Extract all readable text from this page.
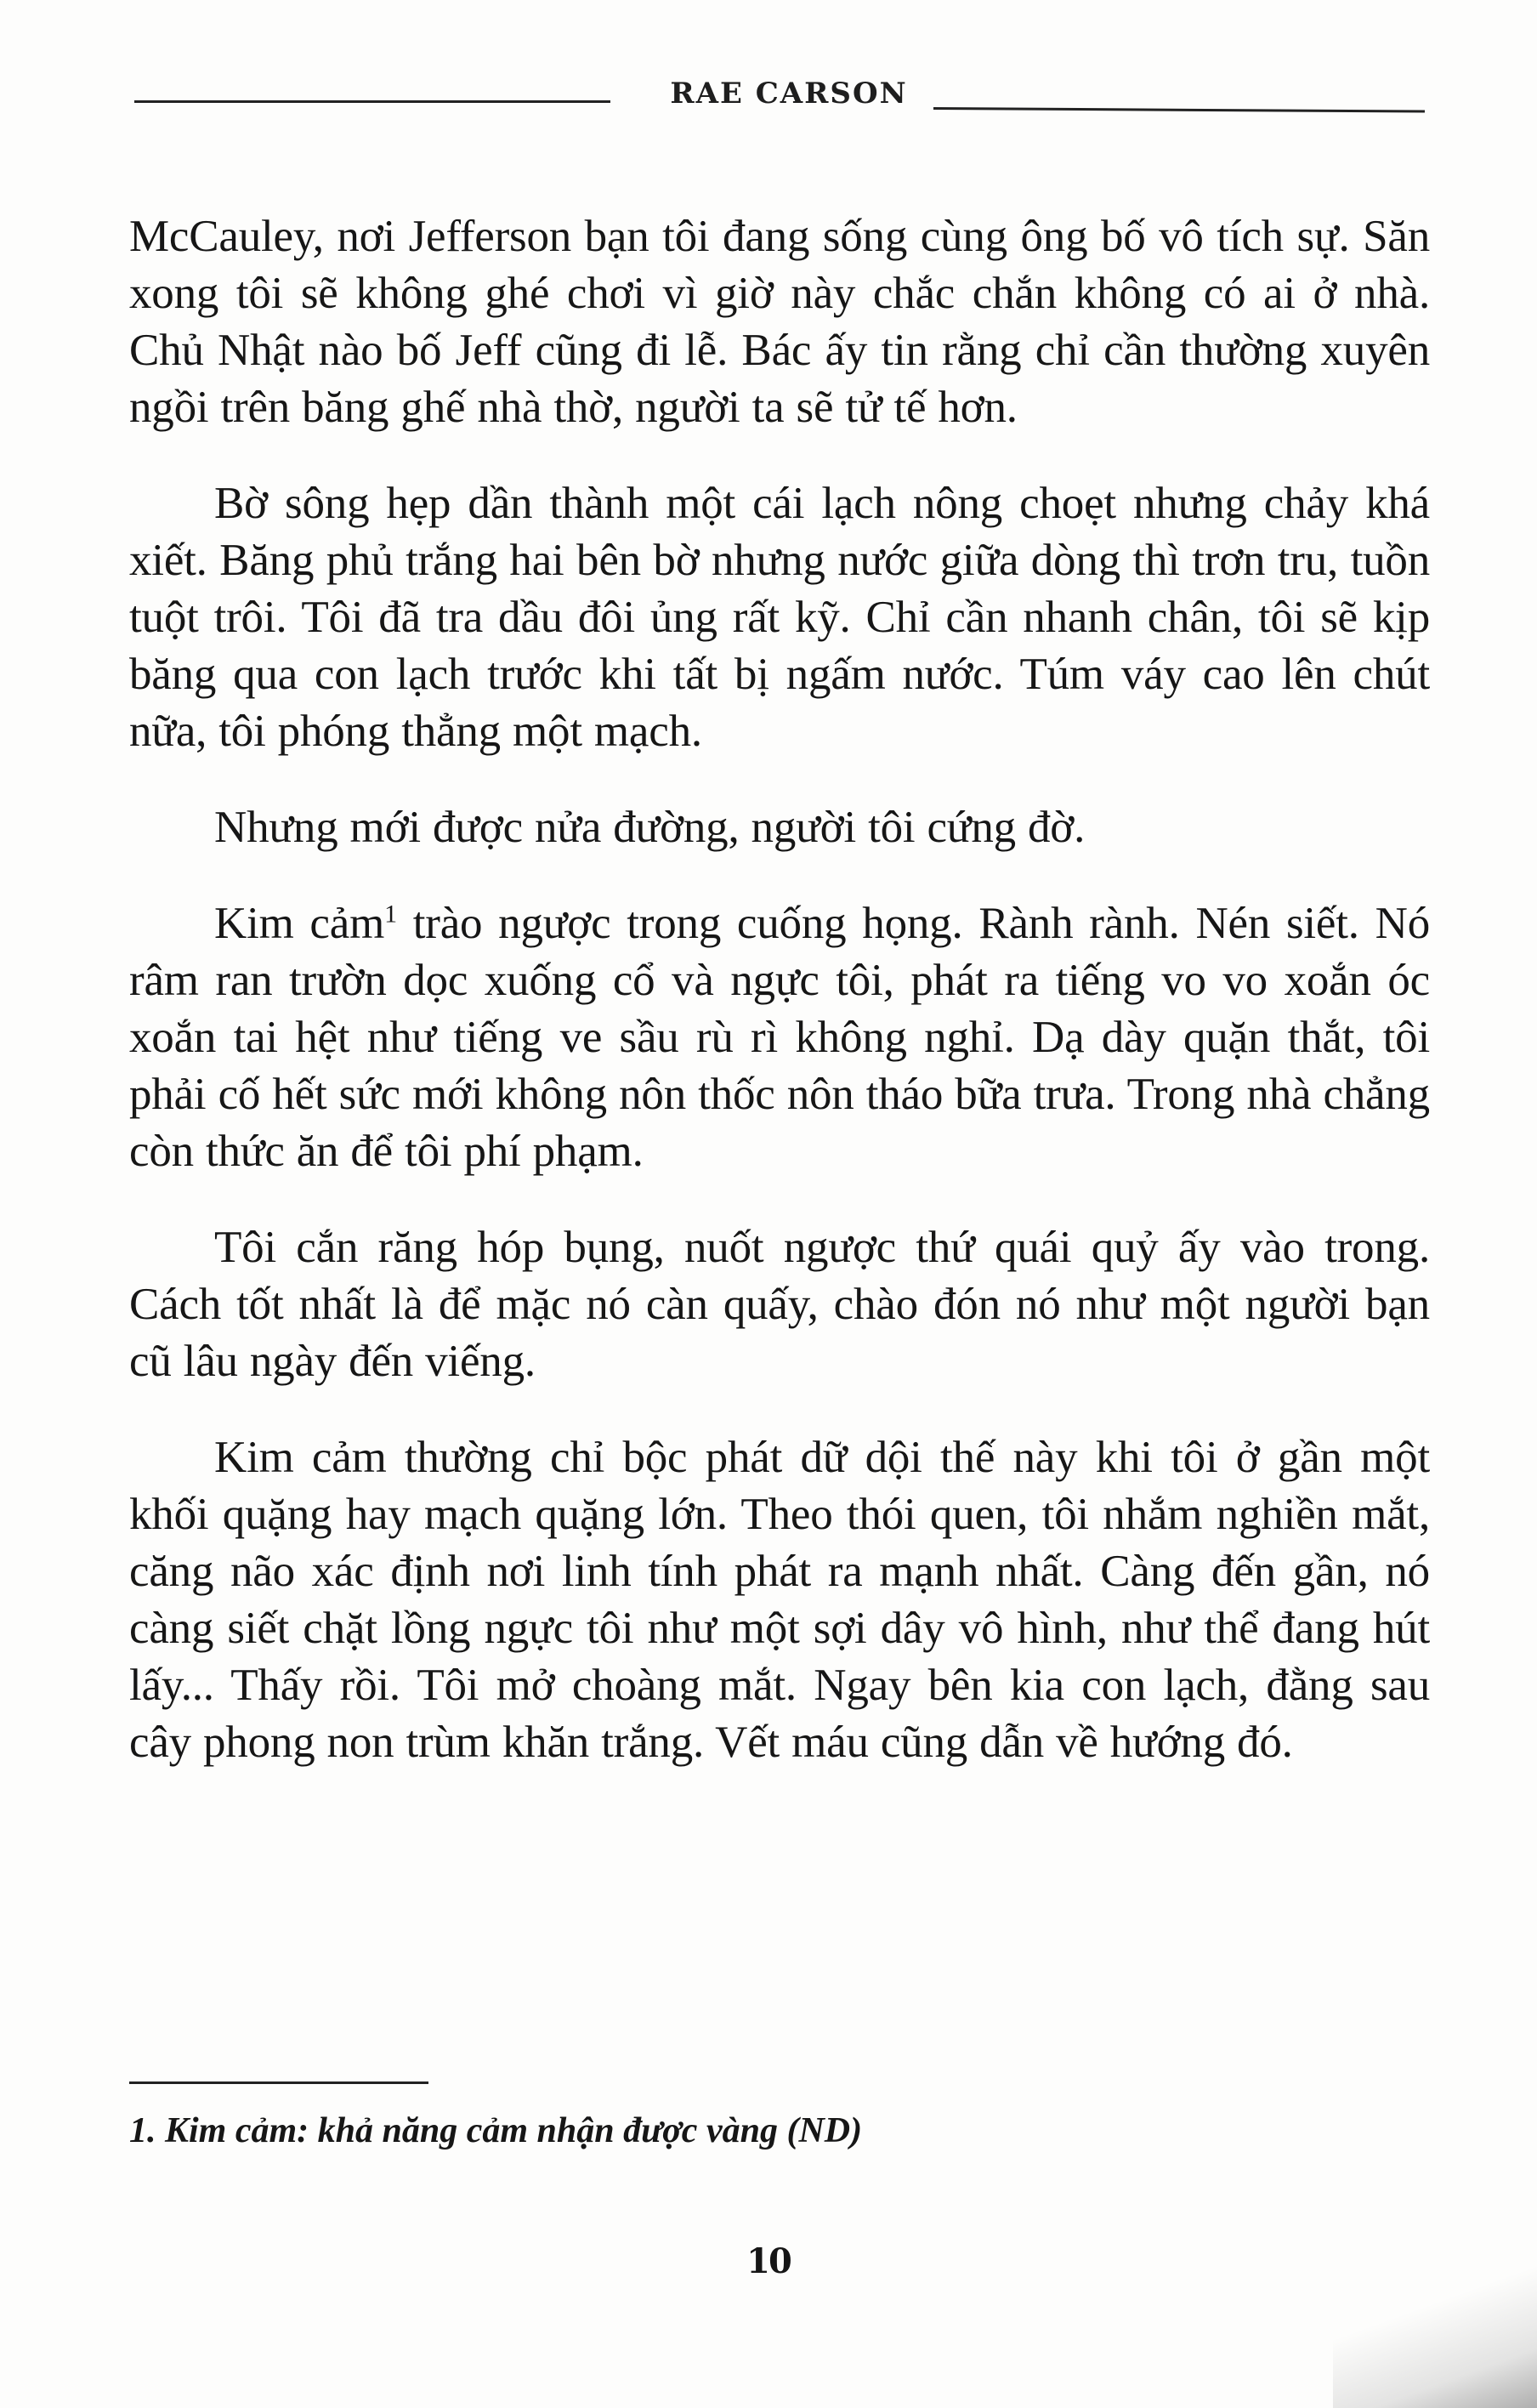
RAE CARSON

McCauley, nơi Jefferson bạn tôi đang sống cùng ông bố vô tích sự. Săn xong tôi sẽ không ghé chơi vì giờ này chắc chắn không có ai ở nhà. Chủ Nhật nào bố Jeff cũng đi lễ. Bác ấy tin rằng chỉ cần thường xuyên ngồi trên băng ghế nhà thờ, người ta sẽ tử tế hơn.

Bờ sông hẹp dần thành một cái lạch nông choẹt nhưng chảy khá xiết. Băng phủ trắng hai bên bờ nhưng nước giữa dòng thì trơn tru, tuồn tuột trôi. Tôi đã tra dầu đôi ủng rất kỹ. Chỉ cần nhanh chân, tôi sẽ kịp băng qua con lạch trước khi tất bị ngấm nước. Túm váy cao lên chút nữa, tôi phóng thẳng một mạch.

Nhưng mới được nửa đường, người tôi cứng đờ.

Kim cảm$^1$ trào ngược trong cuống họng. Rành rành. Nén siết. Nó râm ran trườn dọc xuống cổ và ngực tôi, phát ra tiếng vo vo xoắn óc xoắn tai hệt như tiếng ve sầu rù rì không nghỉ. Dạ dày quặn thắt, tôi phải cố hết sức mới không nôn thốc nôn tháo bữa trưa. Trong nhà chẳng còn thức ăn để tôi phí phạm.

Tôi cắn răng hóp bụng, nuốt ngược thứ quái quỷ ấy vào trong. Cách tốt nhất là để mặc nó càn quấy, chào đón nó như một người bạn cũ lâu ngày đến viếng.

Kim cảm thường chỉ bộc phát dữ dội thế này khi tôi ở gần một khối quặng hay mạch quặng lớn. Theo thói quen, tôi nhắm nghiền mắt, căng não xác định nơi linh tính phát ra mạnh nhất. Càng đến gần, nó càng siết chặt lồng ngực tôi như một sợi dây vô hình, như thể đang hút lấy... Thấy rồi. Tôi mở choàng mắt. Ngay bên kia con lạch, đằng sau cây phong non trùm khăn trắng. Vết máu cũng dẫn về hướng đó.

1. Kim cảm: khả năng cảm nhận được vàng (ND)
10
